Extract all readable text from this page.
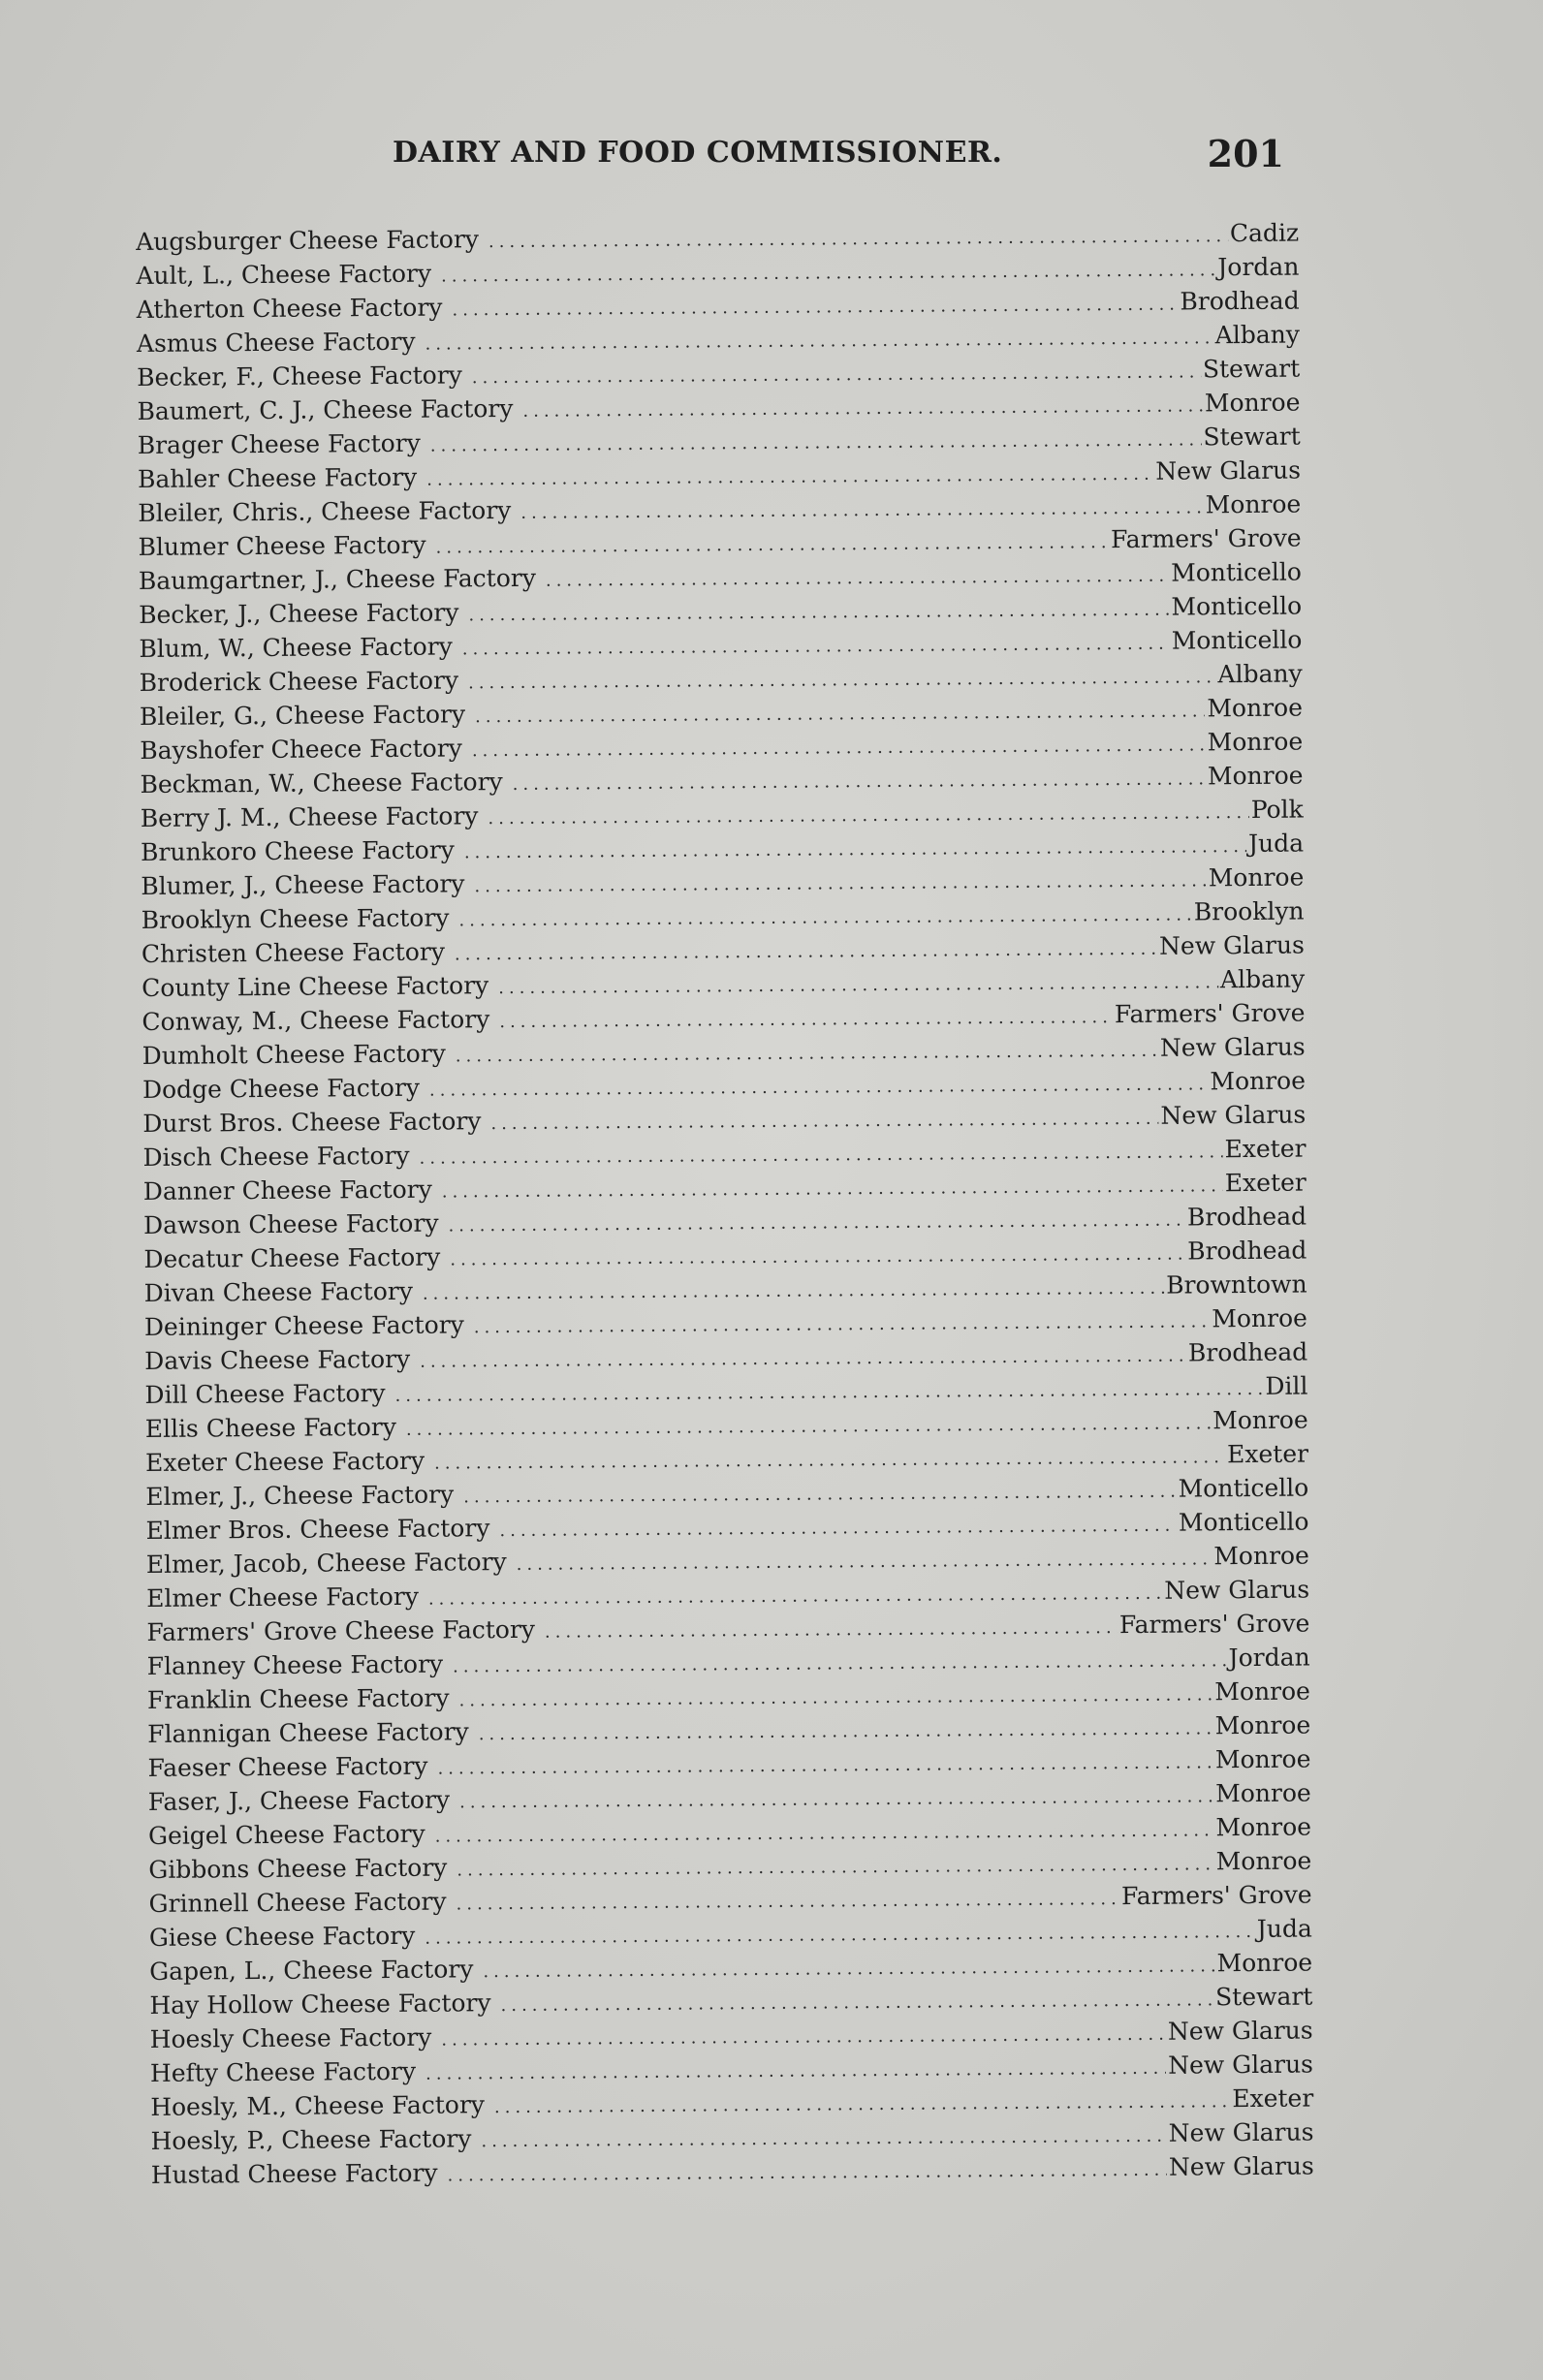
DAIRY AND FOOD COMMISSIONER.	201
Augsburger Cheese Factory .....	Cadiz
Ault, L., Cheese Factory .....	Jordan
Atherton Cheese Factory .....	Brodhead
Asmus Cheese Factory .....	Albany
Becker, F., Cheese Factory .....	Stewart
Baumert, C. J., Cheese Factory .....	Monroe
Brager Cheese Factory .....	Stewart
Bahler Cheese Factory .....	New Glarus
Bleiler, Chris., Cheese Factory .....	Monroe
Blumer Cheese Factory .....	Farmers' Grove
Baumgartner, J., Cheese Factory .....	Monticello
Becker, J., Cheese Factory .....	Monticello
Blum, W., Cheese Factory .....	Monticello
Broderick Cheese Factory .....	Albany
Bleiler, G., Cheese Factory .....	Monroe
Bayshofer Cheece Factory .....	Monroe
Beckman, W., Cheese Factory .....	Monroe
Berry J. M., Cheese Factory .....	Polk
Brunkoro Cheese Factory .....	Juda
Blumer, J., Cheese Factory .....	Monroe
Brooklyn Cheese Factory .....	Brooklyn
Christen Cheese Factory .....	New Glarus
County Line Cheese Factory .....	Albany
Conway, M., Cheese Factory .....	Farmers' Grove
Dumholt Cheese Factory .....	New Glarus
Dodge Cheese Factory .....	Monroe
Durst Bros. Cheese Factory .....	New Glarus
Disch Cheese Factory .....	Exeter
Danner Cheese Factory .....	Exeter
Dawson Cheese Factory .....	Brodhead
Decatur Cheese Factory .....	Brodhead
Divan Cheese Factory .....	Browntown
Deininger Cheese Factory .....	Monroe
Davis Cheese Factory .....	Brodhead
Dill Cheese Factory .....	Dill
Ellis Cheese Factory .....	Monroe
Exeter Cheese Factory .....	Exeter
Elmer, J., Cheese Factory .....	Monticello
Elmer Bros. Cheese Factory .....	Monticello
Elmer, Jacob, Cheese Factory .....	Monroe
Elmer Cheese Factory .....	New Glarus
Farmers' Grove Cheese Factory .....	Farmers' Grove
Flanney Cheese Factory .....	Jordan
Franklin Cheese Factory .....	Monroe
Flannigan Cheese Factory .....	Monroe
Faeser Cheese Factory .....	Monroe
Faser, J., Cheese Factory .....	Monroe
Geigel Cheese Factory .....	Monroe
Gibbons Cheese Factory .....	Monroe
Grinnell Cheese Factory .....	Farmers' Grove
Giese Cheese Factory .....	Juda
Gapen, L., Cheese Factory .....	Monroe
Hay Hollow Cheese Factory .....	Stewart
Hoesly Cheese Factory .....	New Glarus
Hefty Cheese Factory .....	New Glarus
Hoesly, M., Cheese Factory .....	Exeter
Hoesly, P., Cheese Factory .....	New Glarus
Hustad Cheese Factory .....	New Glarus
